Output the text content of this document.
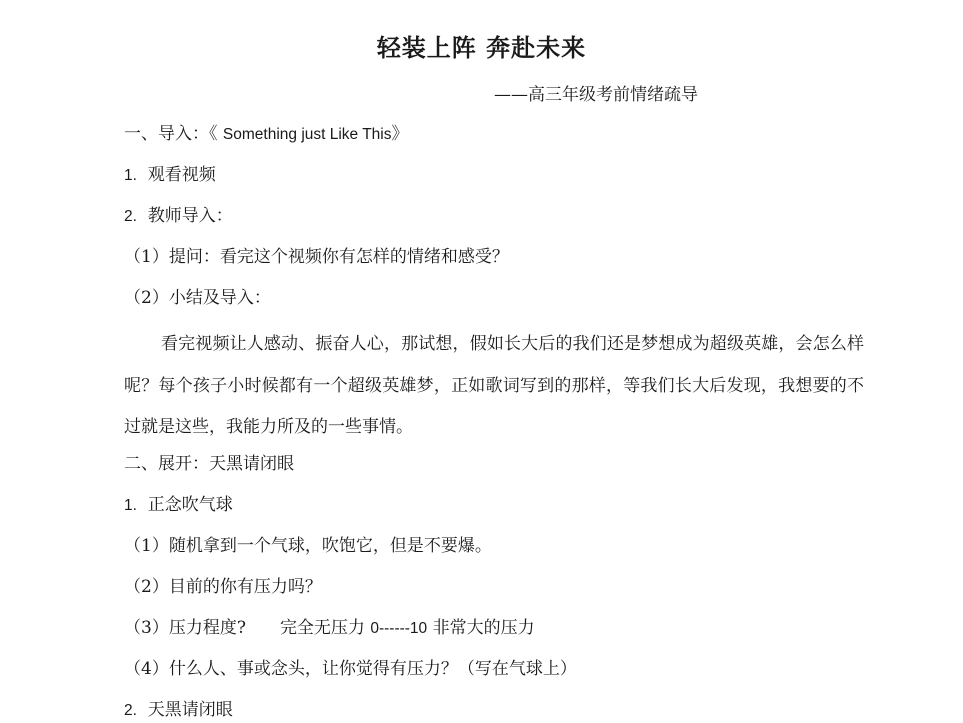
轻装上阵 奔赴未来
——高三年级考前情绪疏导
一、导入：《 Something just Like This》
1. 观看视频
2. 教师导入：
（1）提问：看完这个视频你有怎样的情绪和感受？
（2）小结及导入：
看完视频让人感动、振奋人心，那试想，假如长大后的我们还是梦想成为超级英雄，会怎么样呢？每个孩子小时候都有一个超级英雄梦，正如歌词写到的那样，等我们长大后发现，我想要的不过就是这些，我能力所及的一些事情。
二、展开：天黑请闭眼
1. 正念吹气球
（1）随机拿到一个气球，吹饱它，但是不要爆。
（2）目前的你有压力吗？
（3）压力程度? 完全无压力 0------10 非常大的压力
（4）什么人、事或念头，让你觉得有压力？（写在气球上）
2. 天黑请闭眼
